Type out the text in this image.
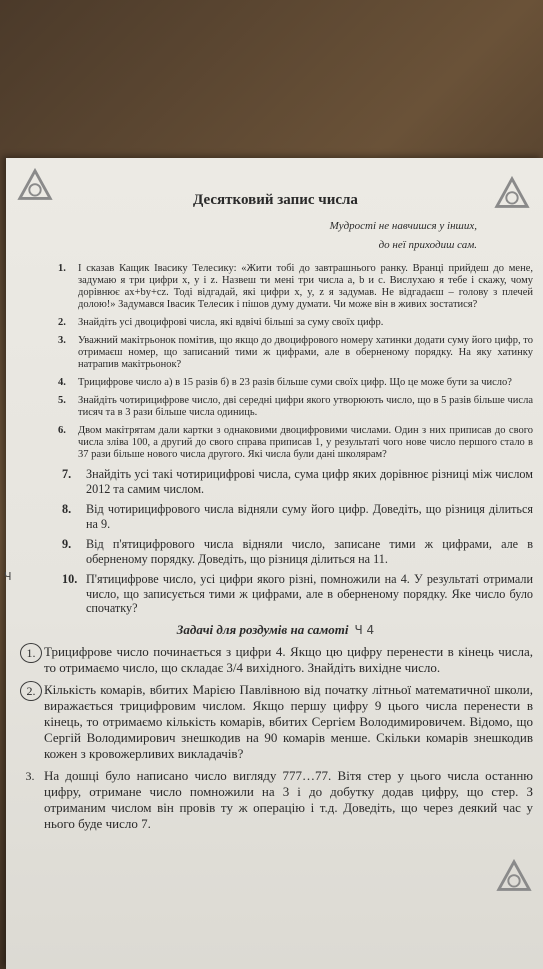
Десятковий запис числа
Мудрості не навчишся у інших,
до неї приходиш сам.
1. І сказав Кащик Івасику Телесику: «Жити тобі до завтрашнього ранку. Вранці прийдеш до мене, задумаю я три цифри x, y і z. Назвеш ти мені три числа a, b и c. Вислухаю я тебе і скажу, чому дорівнює ax+by+cz. Тоді відгадай, які цифри x, y, z я задумав. Не відгадаєш – голову з плечей долою!» Задумався Івасик Телесик і пішов думу думати. Чи може він в живих зостатися?
2. Знайдіть усі двоцифрові числа, які вдвічі більші за суму своїх цифр.
3. Уважний макітрьонок помітив, що якщо до двоцифрового номеру хатинки додати суму його цифр, то отримаєш номер, що записаний тими ж цифрами, але в оберненому порядку. На яку хатинку натрапив макітрьонок?
4. Трицифрове число а) в 15 разів б) в 23 разів більше суми своїх цифр. Що це може бути за число?
5. Знайдіть чотирицифрове число, дві середні цифри якого утворюють число, що в 5 разів більше числа тисяч та в 3 рази більше числа одиниць.
6. Двом макітрятам дали картки з однаковими двоцифровими числами. Один з них приписав до свого числа зліва 100, а другий до свого справа приписав 1, у результаті чого нове число першого стало в 37 рази більше нового числа другого. Які числа були дані школярам?
7. Знайдіть усі такі чотирицифрові числа, сума цифр яких дорівнює різниці між числом 2012 та самим числом.
8. Від чотирицифрового числа відняли суму його цифр. Доведіть, що різниця ділиться на 9.
9. Від п'ятицифрового числа відняли число, записане тими ж цифрами, але в оберненому порядку. Доведіть, що різниця ділиться на 11.
Ч	10. П'ятицифрове число, усі цифри якого різні, помножили на 4. У результаті отримали число, що записується тими ж цифрами, але в оберненому порядку. Яке число було спочатку?
Задачі для роздумів на самоті Ч 4
1. Трицифрове число починається з цифри 4. Якщо цю цифру перенести в кінець числа, то отримаємо число, що складає 3/4 вихідного. Знайдіть вихідне число.
2. Кількість комарів, вбитих Марією Павлівною від початку літньої математичної школи, виражається трицифровим числом. Якщо першу цифру 9 цього числа перенести в кінець, то отримаємо кількість комарів, вбитих Сергієм Володимировичем. Відомо, що Сергій Володимирович знешкодив на 90 комарів менше. Скільки комарів знешкодив кожен з кровожерливих викладачів?
3. На дошці було написано число вигляду 777…77. Вітя стер у цього числа останню цифру, отримане число помножили на 3 і до добутку додав цифру, що стер. З отриманим числом він провів ту ж операцію і т.д. Доведіть, що через деякий час у нього буде число 7.
